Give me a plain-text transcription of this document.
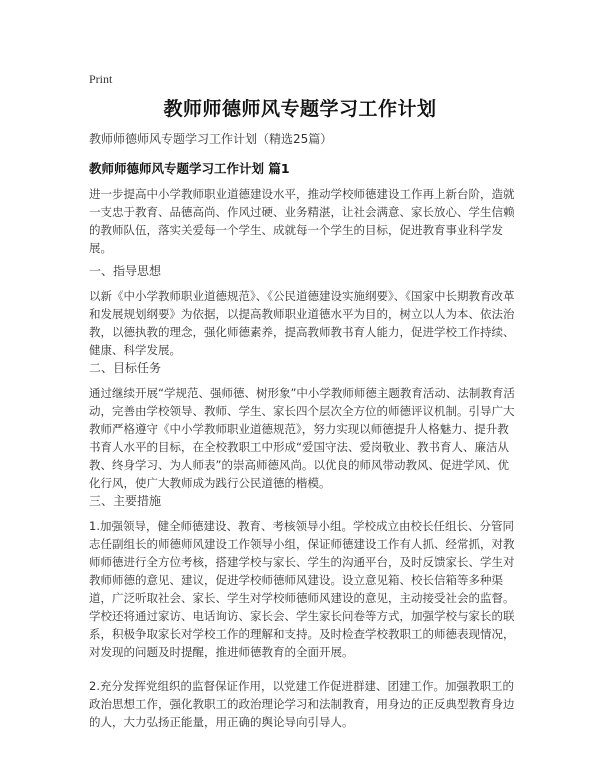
Print
教师师德师风专题学习工作计划
教师师德师风专题学习工作计划（精选25篇）
教师师德师风专题学习工作计划 篇1
进一步提高中小学教师职业道德建设水平，推动学校师德建设工作再上新台阶，造就一支忠于教育、品德高尚、作风过硬、业务精湛，让社会满意、家长放心、学生信赖的教师队伍，落实关爱每一个学生、成就每一个学生的目标，促进教育事业科学发展。
一、指导思想
以新《中小学教师职业道德规范》、《公民道德建设实施纲要》、《国家中长期教育改革和发展规划纲要》为依据，以提高教师职业道德水平为目的，树立以人为本、依法治教，以德执教的理念，强化师德素养，提高教师教书育人能力，促进学校工作持续、健康、科学发展。
二、目标任务
通过继续开展“学规范、强师德、树形象”中小学教师师德主题教育活动、法制教育活动，完善由学校领导、教师、学生、家长四个层次全方位的师德评议机制。引导广大教师严格遵守《中小学教师职业道德规范》，努力实现以师德提升人格魅力、提升教书育人水平的目标，在全校教职工中形成“爱国守法、爱岗敬业、教书育人、廉洁从教、终身学习、为人师表”的崇高师德风尚。以优良的师风带动教风、促进学风、优化行风，使广大教师成为践行公民道德的楷模。
三、主要措施
1.加强领导，健全师德建设、教育、考核领导小组。学校成立由校长任组长、分管同志任副组长的师德师风建设工作领导小组，保证师德建设工作有人抓、经常抓，对教师师德进行全方位考核，搭建学校与家长、学生的沟通平台，及时反馈家长、学生对教师师德的意见、建议，促进学校师德师风建设。设立意见箱、校长信箱等多种渠道，广泛听取社会、家长、学生对学校师德师风建设的意见，主动接受社会的监督。学校还将通过家访、电话询访、家长会、学生家长问卷等方式，加强学校与家长的联系，积极争取家长对学校工作的理解和支持。及时检查学校教职工的师德表现情况，对发现的问题及时提醒，推进师德教育的全面开展。
2.充分发挥党组织的监督保证作用，以党建工作促进群建、团建工作。加强教职工的政治思想工作，强化教职工的政治理论学习和法制教育，用身边的正反典型教育身边的人，大力弘扬正能量，用正确的舆论导向引导人。
